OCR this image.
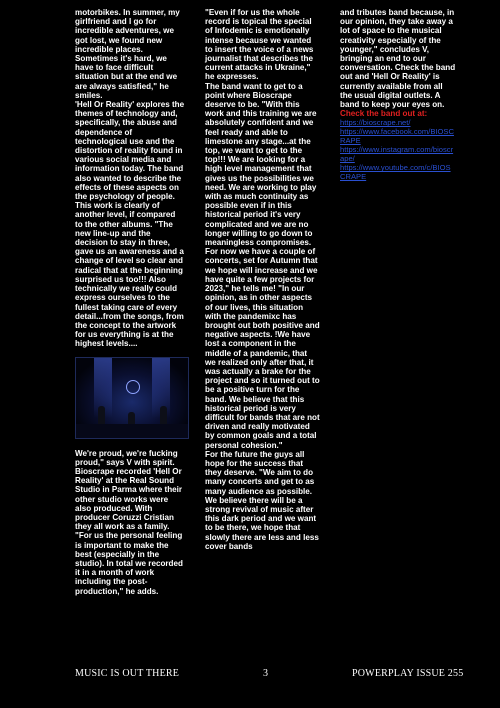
motorbikes. In summer, my girlfriend and I go for incredible adventures, we got lost, we found new incredible places. Sometimes it's hard, we have to face difficult situation but at the end we are always satisfied," he smiles.
'Hell Or Reality' explores the themes of technology and, specifically, the abuse and dependence of technological use and the distortion of reality found in various social media and information today. The band also wanted to describe the effects of these aspects on the psychology of people. This work is clearly of another level, if compared to the other albums. "The new line-up and the decision to stay in three, gave us an awareness and a change of level so clear and radical that at the beginning surprised us too!!! Also technically we really could express ourselves to the fullest taking care of every detail...from the songs, from the concept to the artwork for us everything is at the highest levels....

We're proud, we're fucking proud," says V with spirit. Bioscrape recorded 'Hell Or Reality' at the Real Sound Studio in Parma where their other studio works were also produced. With producer Coruzzi Cristian they all work as a family. "For us the personal feeling is important to make the best (especially in the studio). In total we recorded it in a month of work including the post-production," he adds.

"Even if for us the whole record is topical the special of Infodemic is emotionally intense because we wanted to insert the voice of a news journalist that describes the current attacks in Ukraine," he expresses.
The band want to get to a point where Bioscrape deserve to be. "With this work and this training we are absolutely confident and we feel ready and able to limestone any stage...at the top, we want to get to the top!!! We are looking for a high level management that gives us the possibilities we need. We are working to play with as much continuity as possible even if in this historical period it's very complicated and we are no longer willing to go down to meaningless compromises. For now we have a couple of concerts, set for Autumn that we hope will increase and we have quite a few projects for 2023," he tells me! "In our opinion, as in other aspects of our lives, this situation with the pandemixc has brought out both positive and negative aspects. !We have lost a component in the middle of a pandemic, that we realized only after that, it was actually a brake for the project and so it turned out to be a positive turn for the band. We believe that this historical period is very difficult for bands that are not driven and really motivated by common goals and a total personal cohesion."
For the future the guys all hope for the success that they deserve. "We aim to do many concerts and get to as many audience as possible. We believe there will be a strong revival of music after this dark period and we want to be there, we hope that slowly there are less and less cover bands

and tributes band because, in our opinion, they take away a lot of space to the musical creativity especially of the younger," concludes V, bringing an end to our conversation. Check the band out and 'Hell Or Reality' is currently available from all the usual digital outlets. A band to keep your eyes on.

Check the band out at:
https://bioscrape.net/
https://www.facebook.com/BIOSCRAPE
https://www.instagram.com/bioscrape/
https://www.youtube.com/c/BIOSCRAPE
MUSIC IS OUT THERE	3	POWERPLAY ISSUE 255
